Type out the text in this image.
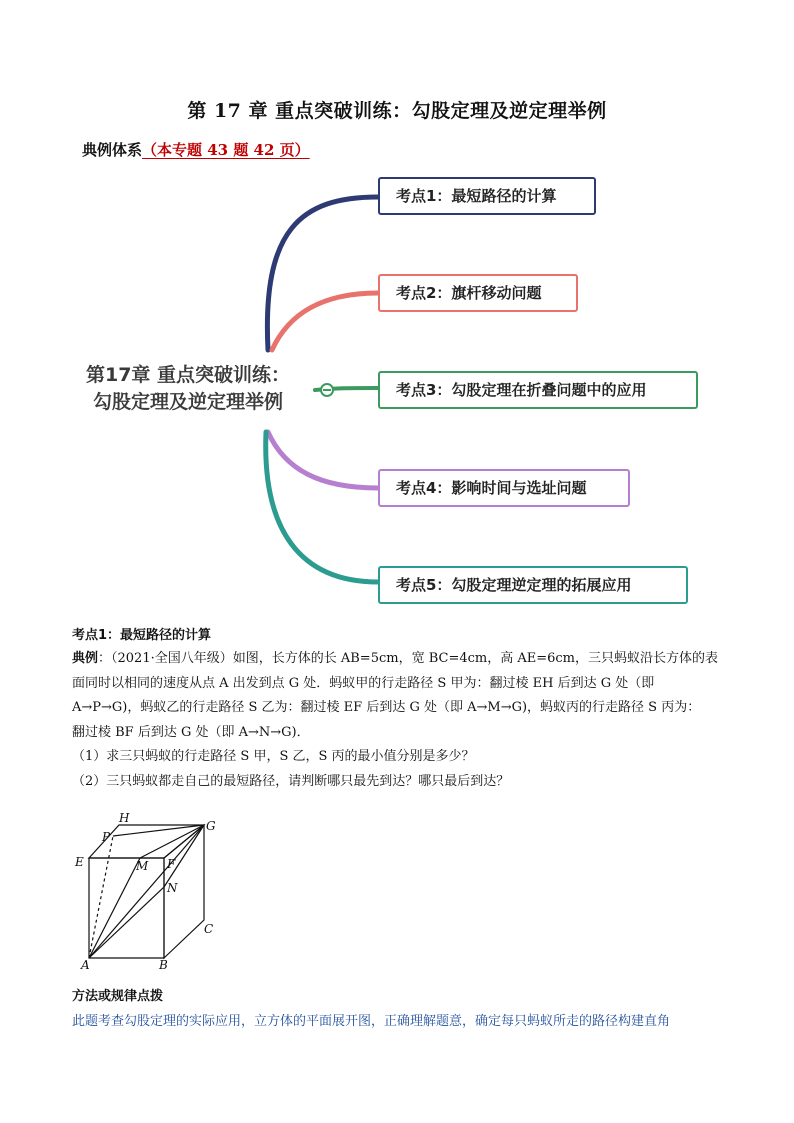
第 17 章 重点突破训练：勾股定理及逆定理举例
典例体系（本专题 43 题 42 页）
第17章 重点突破训练：
勾股定理及逆定理举例
考点1：最短路径的计算
考点2：旗杆移动问题
考点3：勾股定理在折叠问题中的应用
考点4：影响时间与选址问题
考点5：勾股定理逆定理的拓展应用
考点1：最短路径的计算
典例：（2021·全国八年级）如图，长方体的长 AB=5cm，宽 BC=4cm，高 AE=6cm，三只蚂蚁沿长方体的表
面同时以相同的速度从点 A 出发到点 G 处．蚂蚁甲的行走路径 S 甲为：翻过棱 EH 后到达 G 处（即
A→P→G)，蚂蚁乙的行走路径 S 乙为：翻过棱 EF 后到达 G 处（即 A→M→G)，蚂蚁丙的行走路径 S 丙为：
翻过棱 BF 后到达 G 处（即 A→N→G)．
（1）求三只蚂蚁的行走路径 S 甲，S 乙，S 丙的最小值分别是多少？
（2）三只蚂蚁都走自己的最短路径，请判断哪只最先到达？哪只最后到达？
H
G
P
E	M F
N
C
A	B
方法或规律点拨
此题考查勾股定理的实际应用，立方体的平面展开图，正确理解题意，确定每只蚂蚁所走的路径构建直角
